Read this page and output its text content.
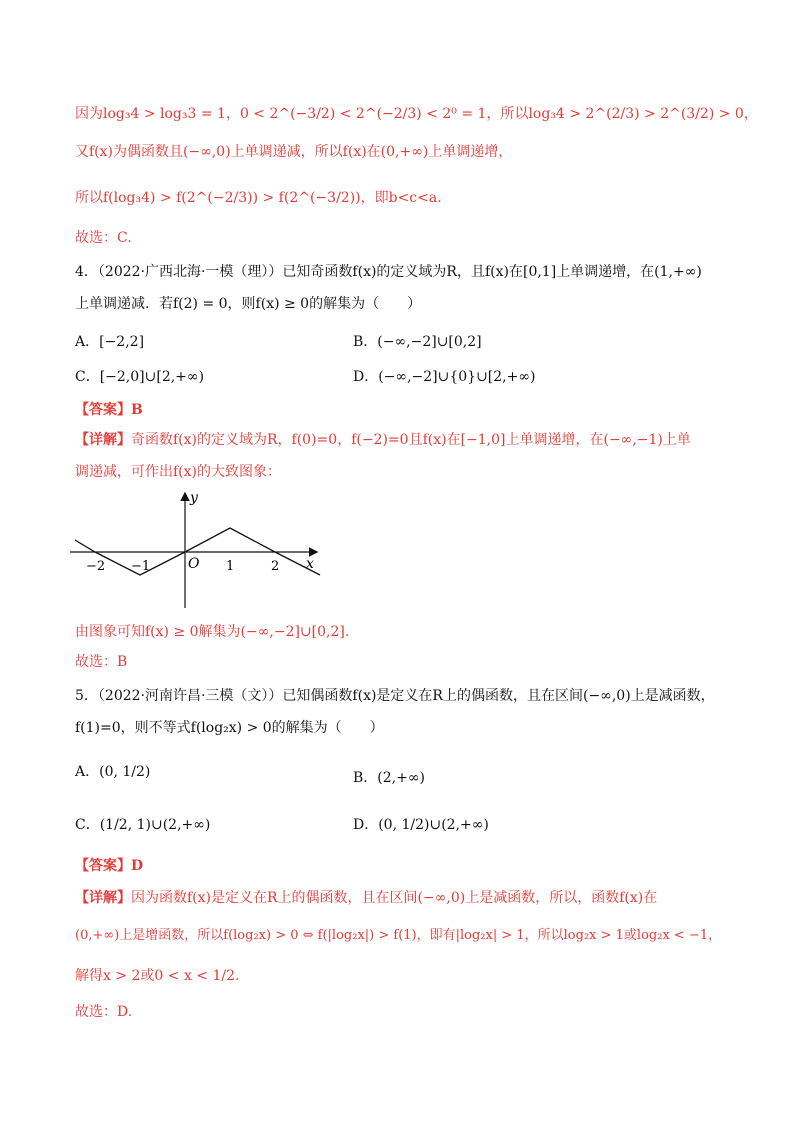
因为log₃4 > log₃3 = 1，0 < 2^(−3/2) < 2^(−2/3) < 2⁰ = 1，所以log₃4 > 2^(2/3) > 2^(3/2) > 0，
又f(x)为偶函数且(−∞,0)上单调递减，所以f(x)在(0,+∞)上单调递增，
所以f(log₃4) > f(2^(−2/3)) > f(2^(−3/2))，即b<c<a.
故选：C.
4．（2022·广西北海·一模（理））已知奇函数f(x)的定义域为R，且f(x)在[0,1]上单调递增，在(1,+∞)
上单调递减．若f(2) = 0，则f(x) ≥ 0的解集为（　　）
A．[−2,2]	B．(−∞,−2]∪[0,2]
C．[−2,0]∪[2,+∞)	D．(−∞,−2]∪{0}∪[2,+∞)
【答案】B
【详解】奇函数f(x)的定义域为R，f(0)=0，f(−2)=0且f(x)在[−1,0]上单调递增，在(−∞,−1)上单
调递减，可作出f(x)的大致图象：
y
x
O
−2 −1	1	2
由图象可知f(x) ≥ 0解集为(−∞,−2]∪[0,2].
故选：B
5．（2022·河南许昌·三模（文））已知偶函数f(x)是定义在R上的偶函数，且在区间(−∞,0)上是减函数，
f(1)=0，则不等式f(log₂x) > 0的解集为（　　）
A．(0, 1/2)	B．(2,+∞)
C．(1/2, 1)∪(2,+∞)	D．(0, 1/2)∪(2,+∞)
【答案】D
【详解】因为函数f(x)是定义在R上的偶函数，且在区间(−∞,0)上是减函数，所以，函数f(x)在
(0,+∞)上是增函数，所以f(log₂x) > 0 ⇔ f(|log₂x|) > f(1)，即有|log₂x| > 1，所以log₂x > 1或log₂x < −1，
解得x > 2或0 < x < 1/2.
故选：D.
